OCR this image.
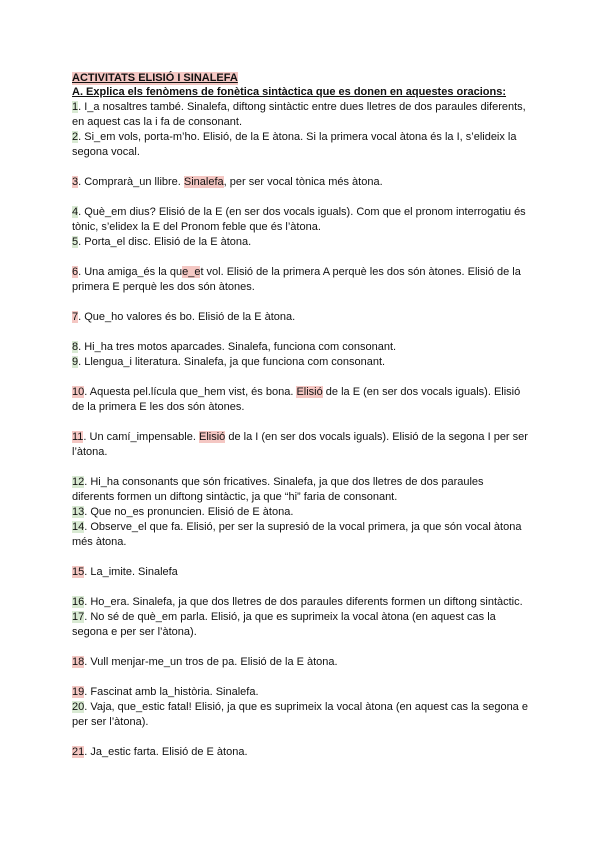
ACTIVITATS ELISIÓ I SINALEFA
A. Explica els fenòmens de fonètica sintàctica que es donen en aquestes oracions:
1. I_a nosaltres també. Sinalefa, diftong sintàctic entre dues lletres de dos paraules diferents, en aquest cas la i fa de consonant.
2. Si_em vols, porta-m’ho. Elisió, de la E àtona. Si la primera vocal àtona és la I, s’elideix la segona vocal.
3. Comprarà_un llibre. Sinalefa, per ser vocal tònica més àtona.
4. Què_em dius? Elisió de la E (en ser dos vocals iguals). Com que el pronom interrogatiu és tònic, s’elidex la E del Pronom feble que és l’àtona.
5. Porta_el disc. Elisió de la E àtona.
6. Una amiga_és la que_et vol. Elisió de la primera A perquè les dos són àtones. Elisió de la primera E perquè les dos són àtones.
7. Que_ho valores és bo. Elisió de la E àtona.
8. Hi_ha tres motos aparcades. Sinalefa, funciona com consonant.
9. Llengua_i literatura. Sinalefa, ja que funciona com consonant.
10. Aquesta pel.lícula que_hem vist, és bona. Elisió de la E (en ser dos vocals iguals). Elisió de la primera E les dos són àtones.
11. Un camí_impensable. Elisió de la I (en ser dos vocals iguals). Elisió de la segona I per ser l’àtona.
12. Hi_ha consonants que són fricatives. Sinalefa, ja que dos lletres de dos paraules diferents formen un diftong sintàctic, ja que “hi” faria de consonant.
13. Que no_es pronuncien. Elisió de E àtona.
14. Observe_el que fa. Elisió, per ser la supresió de la vocal primera, ja que són vocal àtona més àtona.
15. La_imite. Sinalefa
16. Ho_era. Sinalefa, ja que dos lletres de dos paraules diferents formen un diftong sintàctic.
17. No sé de què_em parla. Elisió, ja que es suprimeix la vocal àtona (en aquest cas la segona e per ser l’àtona).
18. Vull menjar-me_un tros de pa. Elisió de la E àtona.
19. Fascinat amb la_història. Sinalefa.
20. Vaja, que_estic fatal! Elisió, ja que es suprimeix la vocal àtona (en aquest cas la segona e per ser l’àtona).
21. Ja_estic farta. Elisió de E àtona.
